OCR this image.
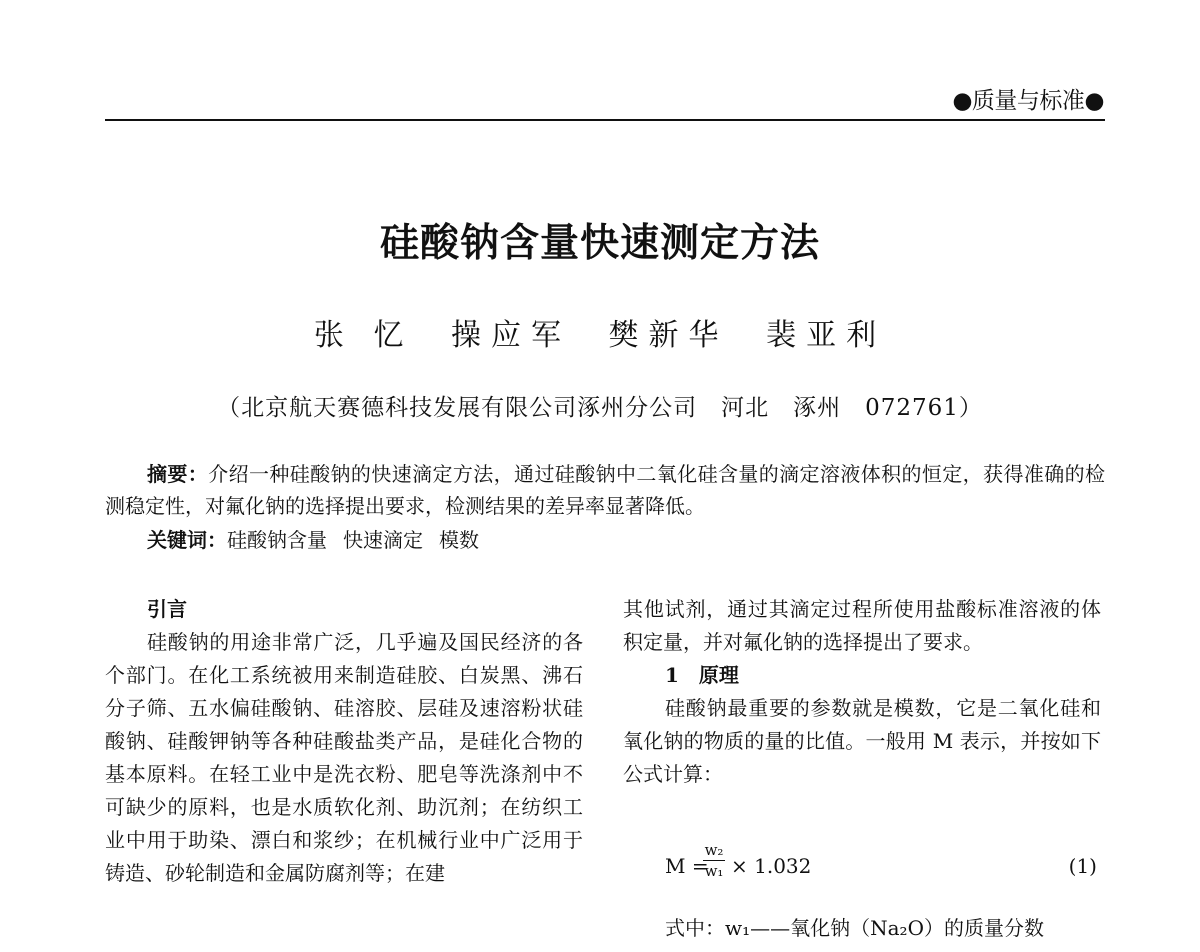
●质量与标准●
硅酸钠含量快速测定方法
张 忆 操应军 樊新华 裴亚利
（北京航天赛德科技发展有限公司涿州分公司　河北　涿州　072761）

摘要：介绍一种硅酸钠的快速滴定方法，通过硅酸钠中二氧化硅含量的滴定溶液体积的恒定，获得准确的检测稳定性，对氟化钠的选择提出要求，检测结果的差异率显著降低。

关键词：硅酸钠含量 快速滴定 模数
引言
硅酸钠的用途非常广泛，几乎遍及国民经济的各个部门。在化工系统被用来制造硅胶、白炭黑、沸石分子筛、五水偏硅酸钠、硅溶胶、层硅及速溶粉状硅酸钠、硅酸钾钠等各种硅酸盐类产品，是硅化合物的基本原料。在轻工业中是洗衣粉、肥皂等洗涤剂中不可缺少的原料，也是水质软化剂、助沉剂；在纺织工业中用于助染、漂白和浆纱；在机械行业中广泛用于铸造、砂轮制造和金属防腐剂等；在建
其他试剂，通过其滴定过程所使用盐酸标准溶液的体积定量，并对氟化钠的选择提出了要求。
1　原理
硅酸钠最重要的参数就是模数，它是二氧化硅和氧化钠的物质的量的比值。一般用 M 表示，并按如下公式计算：
M =
$\frac{\text{w₂}}{\text{w₁}} \times 1.032$	(1)
式中：w₁——氧化钠（Na₂O）的质量分数
